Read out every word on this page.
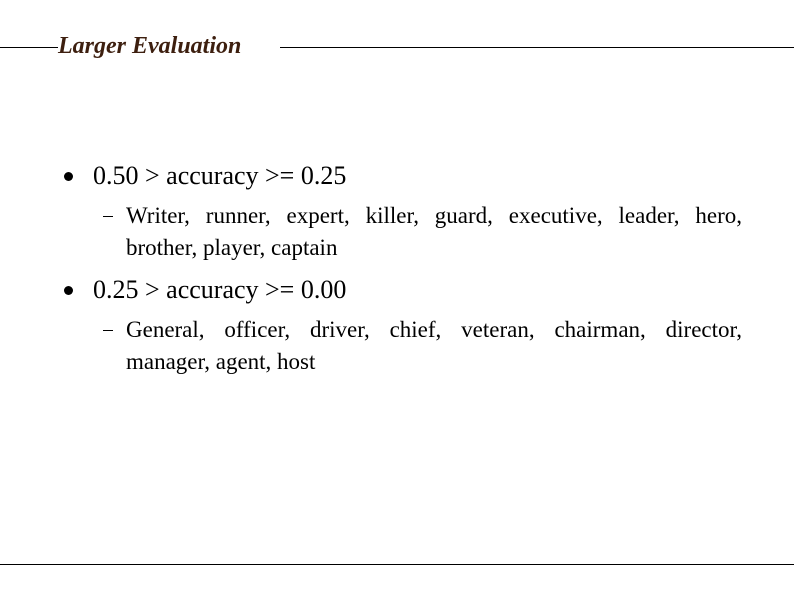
Larger Evaluation
0.50 > accuracy >= 0.25
Writer, runner, expert, killer, guard, executive, leader, hero, brother, player, captain
0.25 > accuracy >= 0.00
General, officer, driver, chief, veteran, chairman, director, manager, agent, host
